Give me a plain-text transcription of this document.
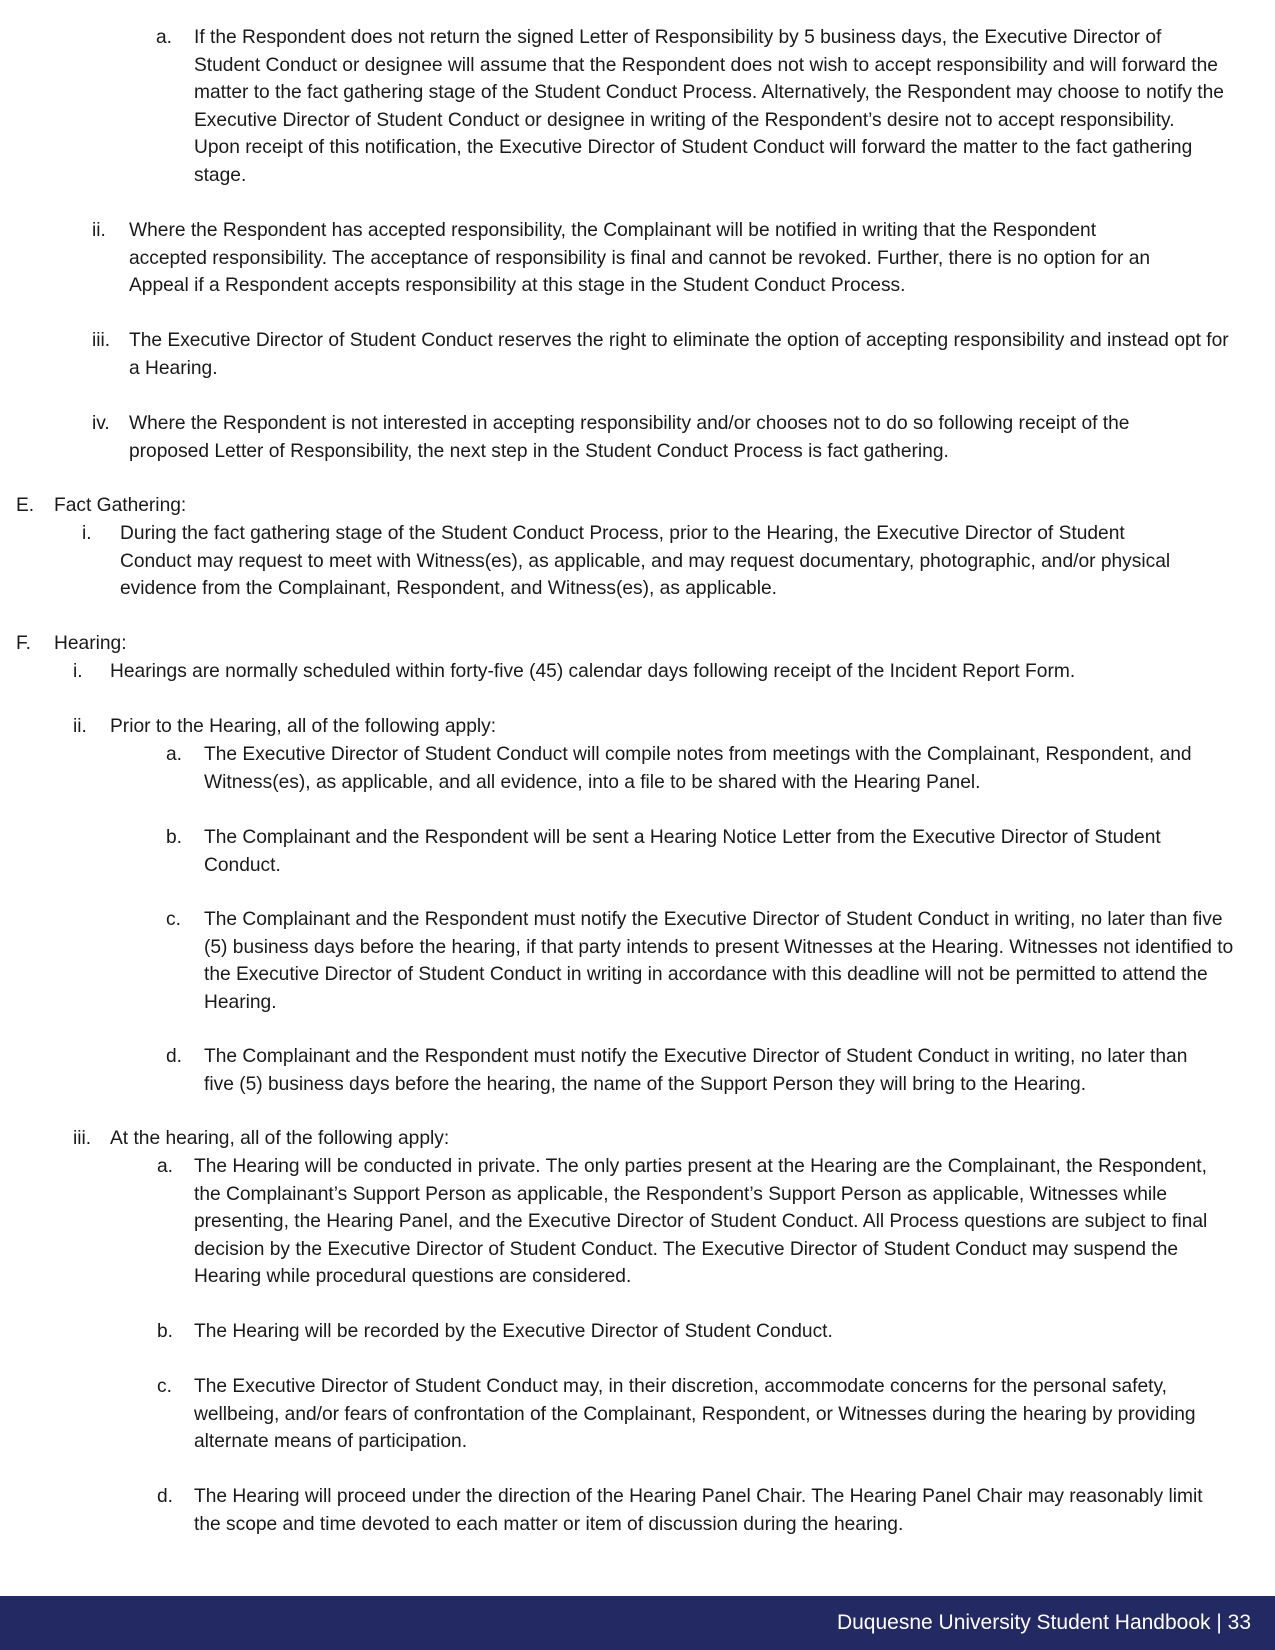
a. If the Respondent does not return the signed Letter of Responsibility by 5 business days, the Executive Director of Student Conduct or designee will assume that the Respondent does not wish to accept responsibility and will forward the matter to the fact gathering stage of the Student Conduct Process. Alternatively, the Respondent may choose to notify the Executive Director of Student Conduct or designee in writing of the Respondent’s desire not to accept responsibility. Upon receipt of this notification, the Executive Director of Student Conduct will forward the matter to the fact gathering stage.
ii. Where the Respondent has accepted responsibility, the Complainant will be notified in writing that the Respondent accepted responsibility. The acceptance of responsibility is final and cannot be revoked. Further, there is no option for an Appeal if a Respondent accepts responsibility at this stage in the Student Conduct Process.
iii. The Executive Director of Student Conduct reserves the right to eliminate the option of accepting responsibility and instead opt for a Hearing.
iv. Where the Respondent is not interested in accepting responsibility and/or chooses not to do so following receipt of the proposed Letter of Responsibility, the next step in the Student Conduct Process is fact gathering.
E. Fact Gathering:
i. During the fact gathering stage of the Student Conduct Process, prior to the Hearing, the Executive Director of Student Conduct may request to meet with Witness(es), as applicable, and may request documentary, photographic, and/or physical evidence from the Complainant, Respondent, and Witness(es), as applicable.
F. Hearing:
i. Hearings are normally scheduled within forty-five (45) calendar days following receipt of the Incident Report Form.
ii. Prior to the Hearing, all of the following apply:
a. The Executive Director of Student Conduct will compile notes from meetings with the Complainant, Respondent, and Witness(es), as applicable, and all evidence, into a file to be shared with the Hearing Panel.
b. The Complainant and the Respondent will be sent a Hearing Notice Letter from the Executive Director of Student Conduct.
c. The Complainant and the Respondent must notify the Executive Director of Student Conduct in writing, no later than five (5) business days before the hearing, if that party intends to present Witnesses at the Hearing. Witnesses not identified to the Executive Director of Student Conduct in writing in accordance with this deadline will not be permitted to attend the Hearing.
d. The Complainant and the Respondent must notify the Executive Director of Student Conduct in writing, no later than five (5) business days before the hearing, the name of the Support Person they will bring to the Hearing.
iii. At the hearing, all of the following apply:
a. The Hearing will be conducted in private. The only parties present at the Hearing are the Complainant, the Respondent, the Complainant’s Support Person as applicable, the Respondent’s Support Person as applicable, Witnesses while presenting, the Hearing Panel, and the Executive Director of Student Conduct. All Process questions are subject to final decision by the Executive Director of Student Conduct. The Executive Director of Student Conduct may suspend the Hearing while procedural questions are considered.
b. The Hearing will be recorded by the Executive Director of Student Conduct.
c. The Executive Director of Student Conduct may, in their discretion, accommodate concerns for the personal safety, wellbeing, and/or fears of confrontation of the Complainant, Respondent, or Witnesses during the hearing by providing alternate means of participation.
d. The Hearing will proceed under the direction of the Hearing Panel Chair. The Hearing Panel Chair may reasonably limit the scope and time devoted to each matter or item of discussion during the hearing.
Duquesne University Student Handbook | 33
